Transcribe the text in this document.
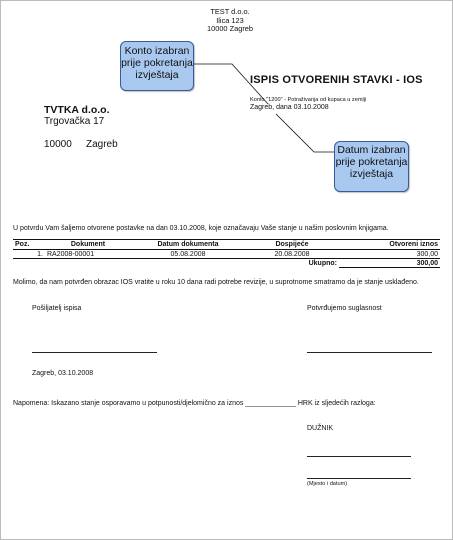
TEST d.o.o.
Ilica 123
10000 Zagreb
Konto izabran prije pokretanja izvještaja
Datum izabran prije pokretanja izvještaja
ISPIS OTVORENIH STAVKI - IOS
Konto "1200" - Potraživanja od kupaca u zemlji
Zagreb, dana 03.10.2008
TVTKA d.o.o.
Trgovačka 17
10000 Zagreb
U potvrdu Vam šaljemo otvorene postavke na dan 03.10.2008, koje označavaju Vaše stanje u našim poslovnim knjigama.
Poz.	Dokument	Datum dokumenta	Dospijeće	Otvoreni iznos
1.	RA2008-00001	05.08.2008	20.08.2008	300,00
			Ukupno:	300,00
Molimo, da nam potvrđen obrazac IOS vratite u roku 10 dana radi potrebe revizije, u suprotnome smatramo da je stanje usklađeno.
Pošiljatelj ispisa	Potvrđujemo suglasnost
Zagreb, 03.10.2008
Napomena: Iskazano stanje osporavamo u potpunosti/djelomično za iznos _____________ HRK iz sljedećih razloga:
DUŽNIK
(Mjesto i datum)
